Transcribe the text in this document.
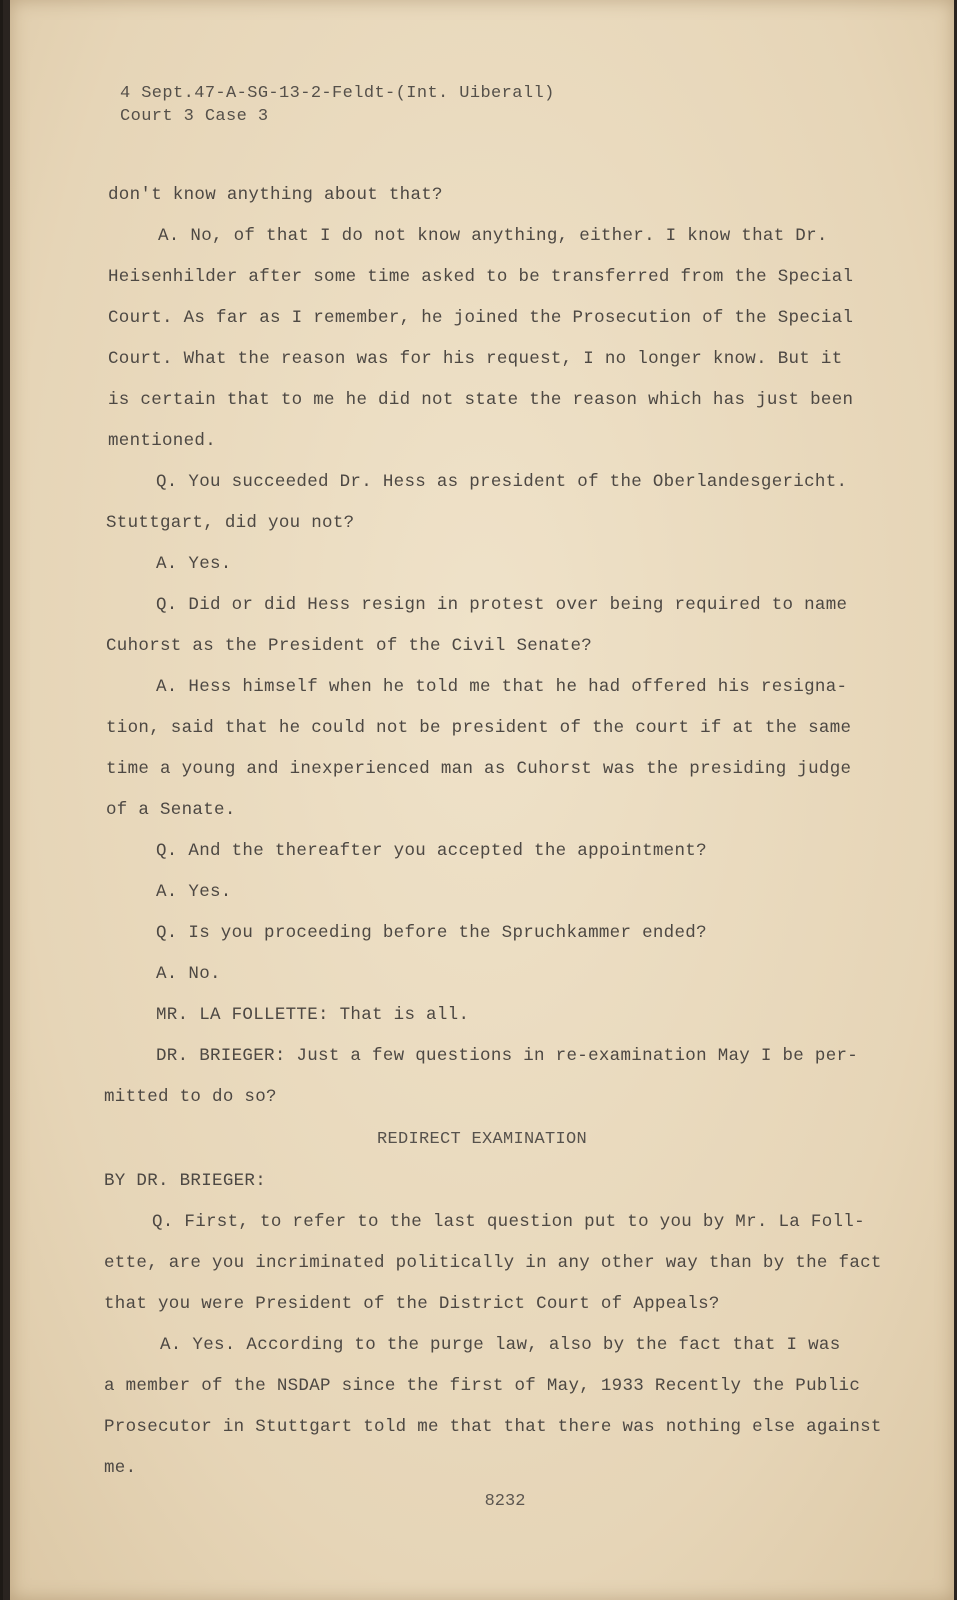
4 Sept.47-A-SG-13-2-Feldt-(Int. Uiberall)
Court 3 Case 3
don't know anything about that?
A. No, of that I do not know anything, either. I know that Dr.
Heisenhilder after some time asked to be transferred from the Special
Court. As far as I remember, he joined the Prosecution of the Special
Court. What the reason was for his request, I no longer know. But it
is certain that to me he did not state the reason which has just been
mentioned.
Q. You succeeded Dr. Hess as president of the Oberlandesgericht.
Stuttgart, did you not?
A. Yes.
Q. Did or did Hess resign in protest over being required to name
Cuhorst as the President of the Civil Senate?
A. Hess himself when he told me that he had offered his resigna-
tion, said that he could not be president of the court if at the same
time a young and inexperienced man as Cuhorst was the presiding judge
of a Senate.
Q. And the thereafter you accepted the appointment?
A. Yes.
Q. Is you proceeding before the Spruchkammer ended?
A. No.
MR. LA FOLLETTE: That is all.
DR. BRIEGER: Just a few questions in re-examination May I be per-
mitted to do so?
REDIRECT EXAMINATION
BY DR. BRIEGER:
Q. First, to refer to the last question put to you by Mr. La Foll-
ette, are you incriminated politically in any other way than by the fact
that you were President of the District Court of Appeals?
A. Yes. According to the purge law, also by the fact that I was
a member of the NSDAP since the first of May, 1933 Recently the Public
Prosecutor in Stuttgart told me that that there was nothing else against
me.
8232
